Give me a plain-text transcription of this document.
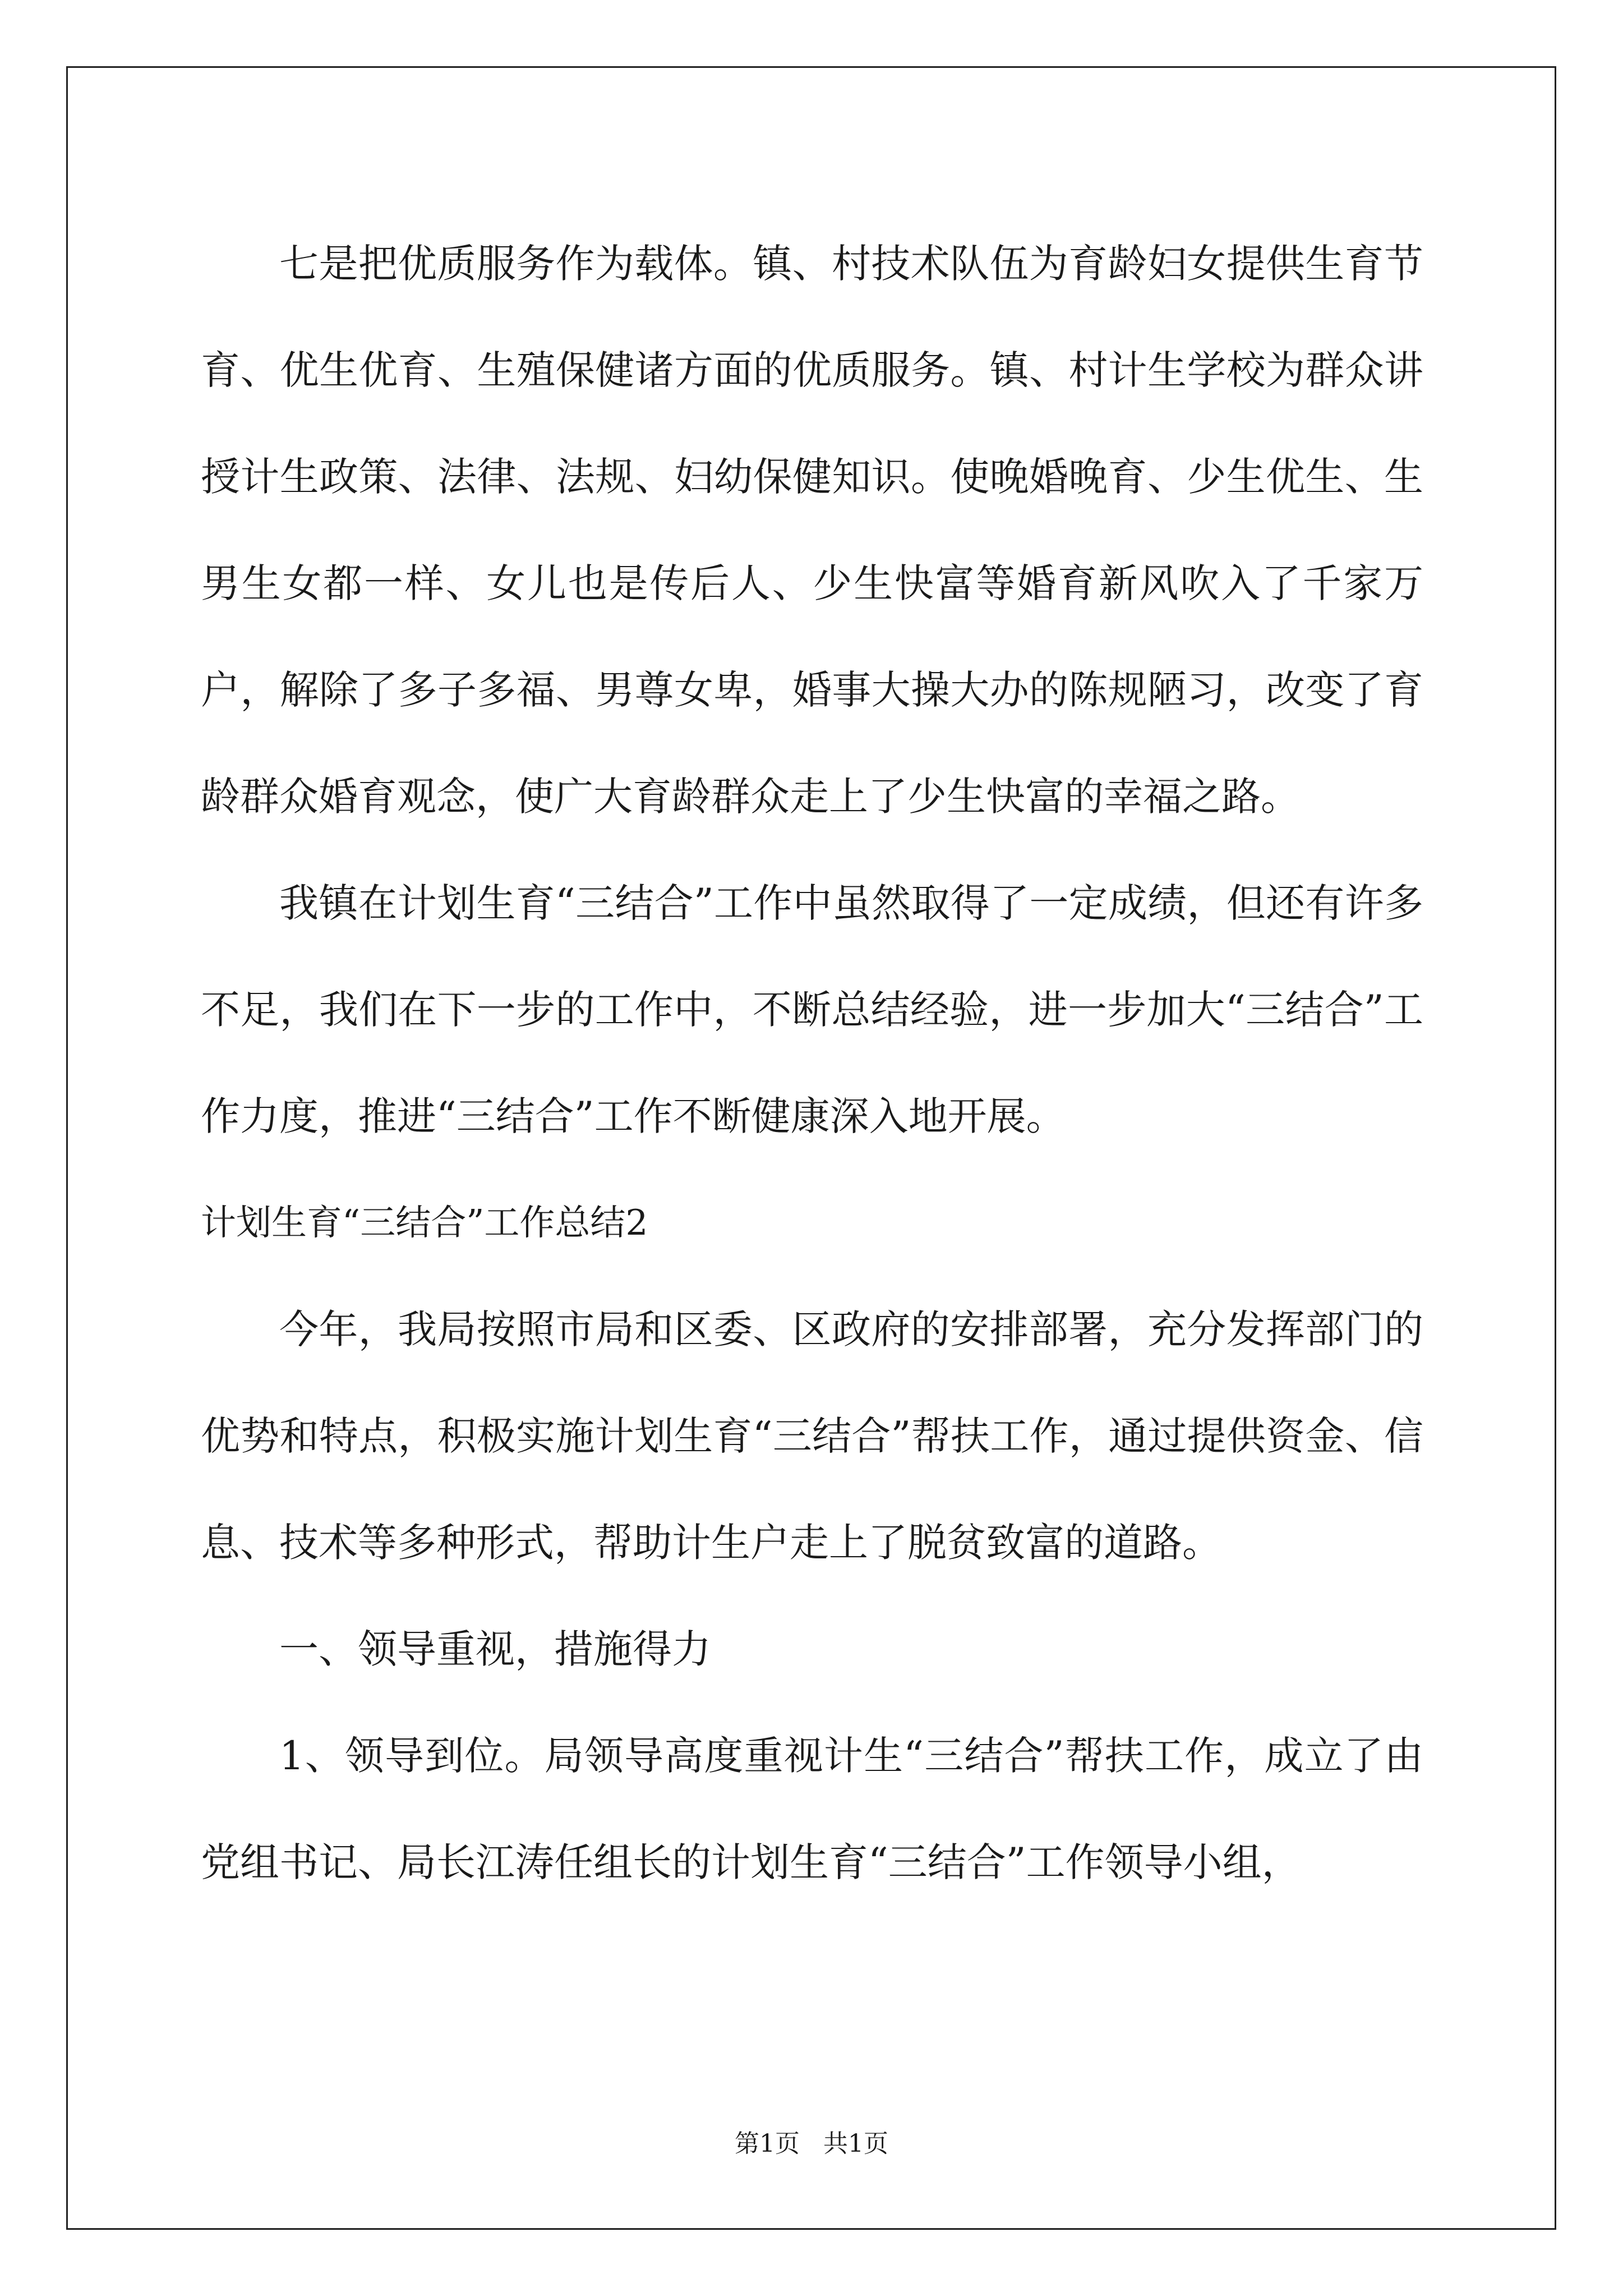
七是把优质服务作为载体。镇、村技术队伍为育龄妇女提供生育节育、优生优育、生殖保健诸方面的优质服务。镇、村计生学校为群众讲授计生政策、法律、法规、妇幼保健知识。使晚婚晚育、少生优生、生男生女都一样、女儿也是传后人、少生快富等婚育新风吹入了千家万户，解除了多子多福、男尊女卑，婚事大操大办的陈规陋习，改变了育龄群众婚育观念，使广大育龄群众走上了少生快富的幸福之路。

我镇在计划生育“三结合”工作中虽然取得了一定成绩，但还有许多不足，我们在下一步的工作中，不断总结经验，进一步加大“三结合”工作力度，推进“三结合”工作不断健康深入地开展。

计划生育“三结合”工作总结2

今年，我局按照市局和区委、区政府的安排部署，充分发挥部门的优势和特点，积极实施计划生育“三结合”帮扶工作，通过提供资金、信息、技术等多种形式，帮助计生户走上了脱贫致富的道路。

一、领导重视，措施得力

1、领导到位。局领导高度重视计生“三结合”帮扶工作，成立了由党组书记、局长江涛任组长的计划生育“三结合”工作领导小组，

第1页   共1页
